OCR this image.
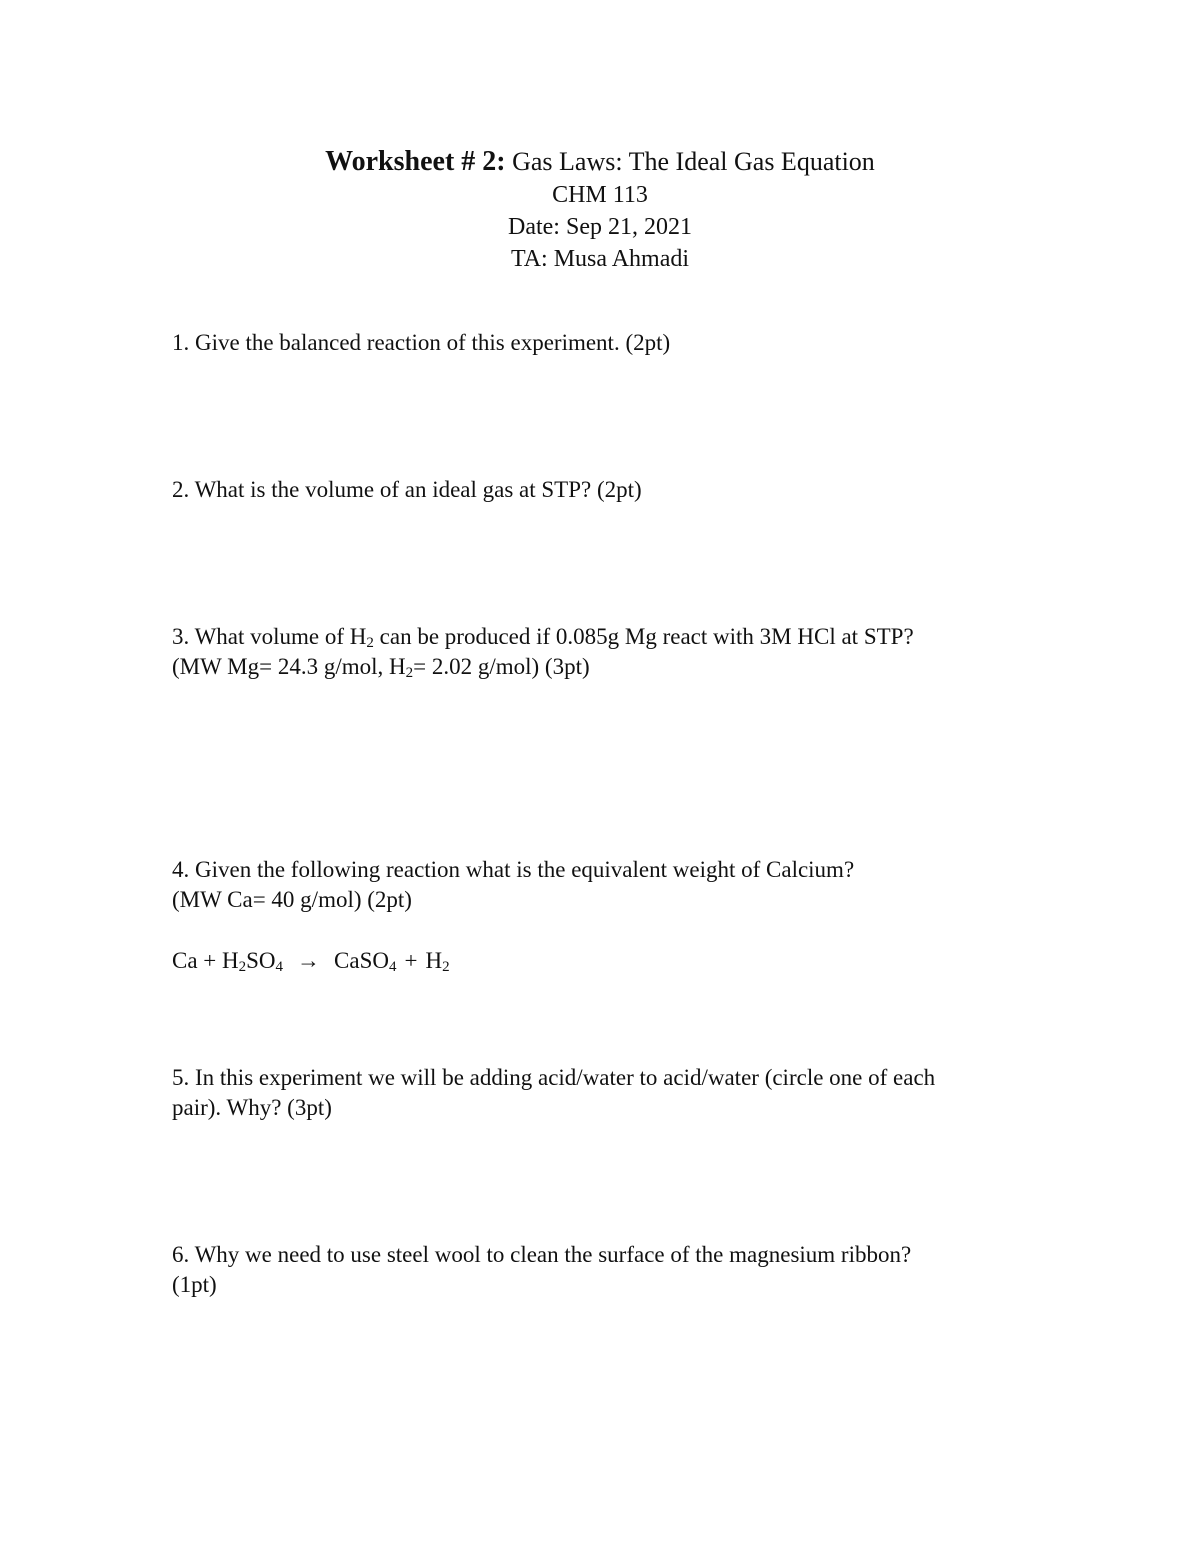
Worksheet # 2: Gas Laws: The Ideal Gas Equation
CHM 113
Date: Sep 21, 2021
TA: Musa Ahmadi

1. Give the balanced reaction of this experiment. (2pt)

2. What is the volume of an ideal gas at STP? (2pt)

3. What volume of $H_2$ can be produced if 0.085g Mg react with 3M HCl at STP?

(MW Mg= 24.3 g/mol, $H_2= 2.02$ g/mol) (3pt)

4. Given the following reaction what is the equivalent weight of Calcium?

(MW Ca= 40 g/mol) (2pt)

$Ca + H_2SO_4$ → CaSO$_4$ + $H_2$

5. In this experiment we will be adding acid/water to acid/water (circle one of each

pair). Why? (3pt)

6. Why we need to use steel wool to clean the surface of the magnesium ribbon?

(1pt)
